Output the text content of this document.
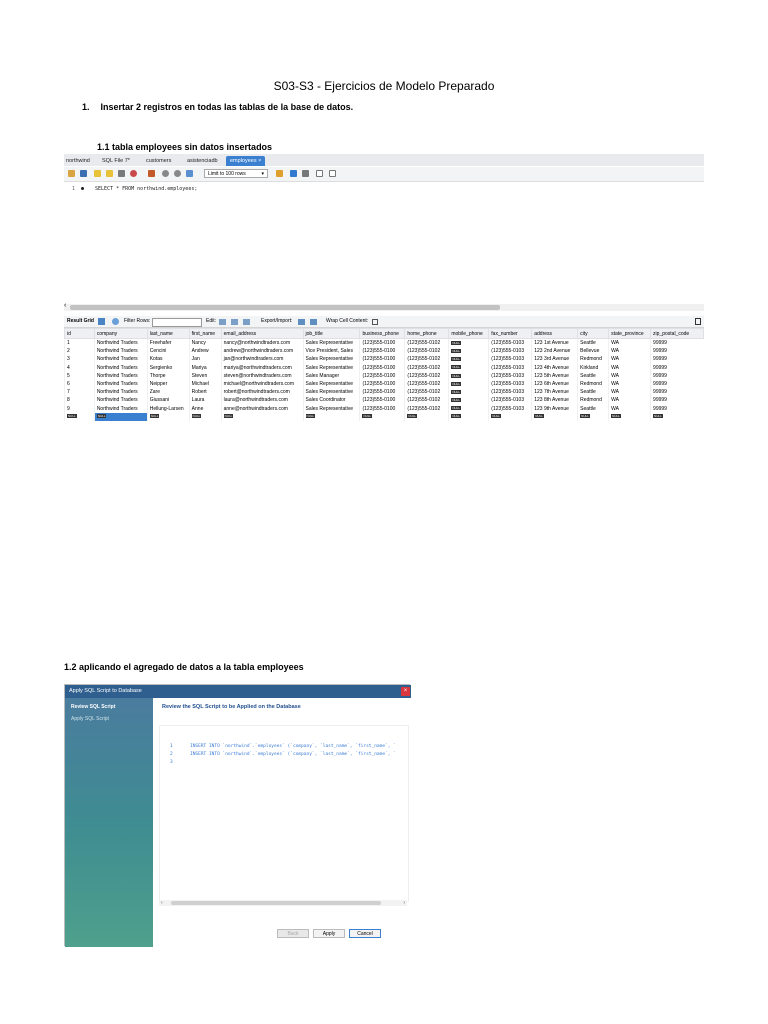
S03-S3 - Ejercicios de Modelo Preparado
1. Insertar 2 registros en todas las tablas de la base de datos.
1.1 tabla employees sin datos insertados
northwind SQL File 7*	customers	asistenciadb	employees ×
Limit to 100 rows	▾
1	SELECT * FROM northwind.employees;
‹
Result Grid	Filter Rows:	Edit:	Export/Import:	Wrap Cell Content:
id	company	last_name	first_name	email_address	job_title	business_phone	home_phone	mobile_phone	fax_number	address	city	state_province	zip_postal_code
1	Northwind Traders	Freehafer	Nancy	nancy@northwindtraders.com	Sales Representative	(123)555-0100	(123)555-0102	NULL	(123)555-0103	123 1st Avenue	Seattle	WA	99999
2	Northwind Traders	Cencini	Andrew	andrew@northwindtraders.com	Vice President, Sales	(123)555-0100	(123)555-0102	NULL	(123)555-0103	123 2nd Avenue	Bellevue	WA	99999
3	Northwind Traders	Kotas	Jan	jan@northwindtraders.com	Sales Representative	(123)555-0100	(123)555-0102	NULL	(123)555-0103	123 3rd Avenue	Redmond	WA	99999
4	Northwind Traders	Sergienko	Mariya	mariya@northwindtraders.com	Sales Representative	(123)555-0100	(123)555-0102	NULL	(123)555-0103	123 4th Avenue	Kirkland	WA	99999
5	Northwind Traders	Thorpe	Steven	steven@northwindtraders.com	Sales Manager	(123)555-0100	(123)555-0102	NULL	(123)555-0103	123 5th Avenue	Seattle	WA	99999
6	Northwind Traders	Neipper	Michael	michael@northwindtraders.com	Sales Representative	(123)555-0100	(123)555-0102	NULL	(123)555-0103	123 6th Avenue	Redmond	WA	99999
7	Northwind Traders	Zare	Robert	robert@northwindtraders.com	Sales Representative	(123)555-0100	(123)555-0102	NULL	(123)555-0103	123 7th Avenue	Seattle	WA	99999
8	Northwind Traders	Giussani	Laura	laura@northwindtraders.com	Sales Coordinator	(123)555-0100	(123)555-0102	NULL	(123)555-0103	123 8th Avenue	Redmond	WA	99999
9	Northwind Traders	Hellung-Larsen	Anne	anne@northwindtraders.com	Sales Representative	(123)555-0100	(123)555-0102	NULL	(123)555-0103	123 9th Avenue	Seattle	WA	99999
NULL	NULL	NULL	NULL	NULL	NULL	NULL	NULL	NULL	NULL	NULL	NULL	NULL	NULL
1.2 aplicando el agregado de datos a la tabla employees
Apply SQL Script to Database	×
Review SQL Script
Apply SQL Script
Review the SQL Script to be Applied on the Database
1	INSERT INTO `northwind`.`employees` (`company`, `last_name`, `first_name`, `
2	INSERT INTO `northwind`.`employees` (`company`, `last_name`, `first_name`, `
3
‹	›
Back	Apply	Cancel
